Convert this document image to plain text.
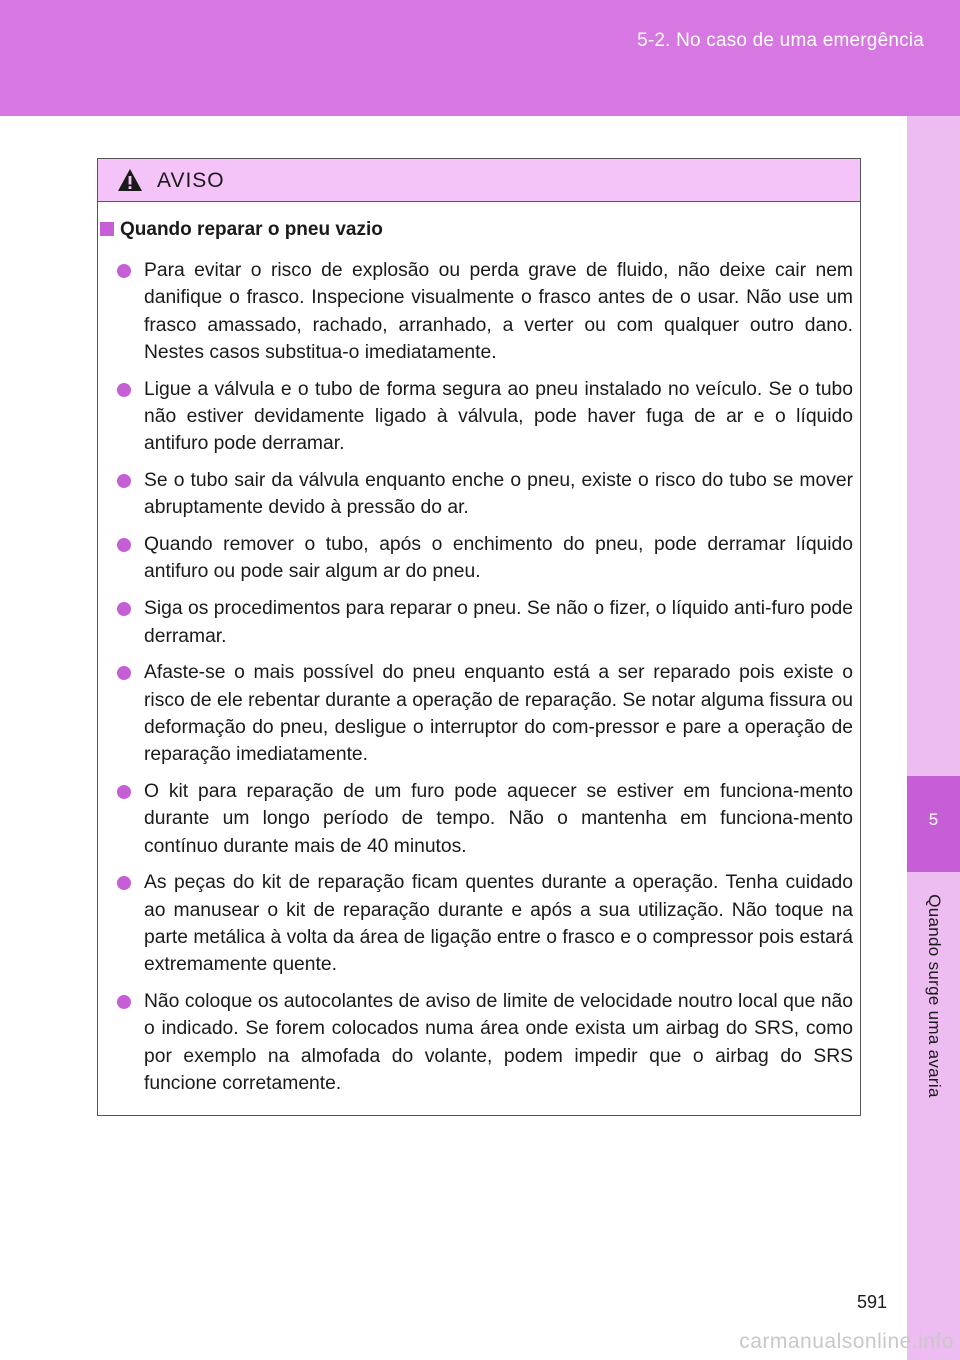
5-2. No caso de uma emergência
5
Quando surge uma avaria
AVISO
Quando reparar o pneu vazio
Para evitar o risco de explosão ou perda grave de fluido, não deixe cair nem danifique o frasco. Inspecione visualmente o frasco antes de o usar. Não use um frasco amassado, rachado, arranhado, a verter ou com qualquer outro dano. Nestes casos substitua-o imediatamente.
Ligue a válvula e o tubo de forma segura ao pneu instalado no veículo. Se o tubo não estiver devidamente ligado à válvula, pode haver fuga de ar e o líquido antifuro pode derramar.
Se o tubo sair da válvula enquanto enche o pneu, existe o risco do tubo se mover abruptamente devido à pressão do ar.
Quando remover o tubo, após o enchimento do pneu, pode derramar líquido antifuro ou pode sair algum ar do pneu.
Siga os procedimentos para reparar o pneu. Se não o fizer, o líquido anti-furo pode derramar.
Afaste-se o mais possível do pneu enquanto está a ser reparado pois existe o risco de ele rebentar durante a operação de reparação. Se notar alguma fissura ou deformação do pneu, desligue o interruptor do com-pressor e pare a operação de reparação imediatamente.
O kit para reparação de um furo pode aquecer se estiver em funciona-mento durante um longo período de tempo. Não o mantenha em funciona-mento contínuo durante mais de 40 minutos.
As peças do kit de reparação ficam quentes durante a operação. Tenha cuidado ao manusear o kit de reparação durante e após a sua utilização. Não toque na parte metálica à volta da área de ligação entre o frasco e o compressor pois estará extremamente quente.
Não coloque os autocolantes de aviso de limite de velocidade noutro local que não o indicado. Se forem colocados numa área onde exista um airbag do SRS, como por exemplo na almofada do volante, podem impedir que o airbag do SRS funcione corretamente.
591
carmanualsonline.info
